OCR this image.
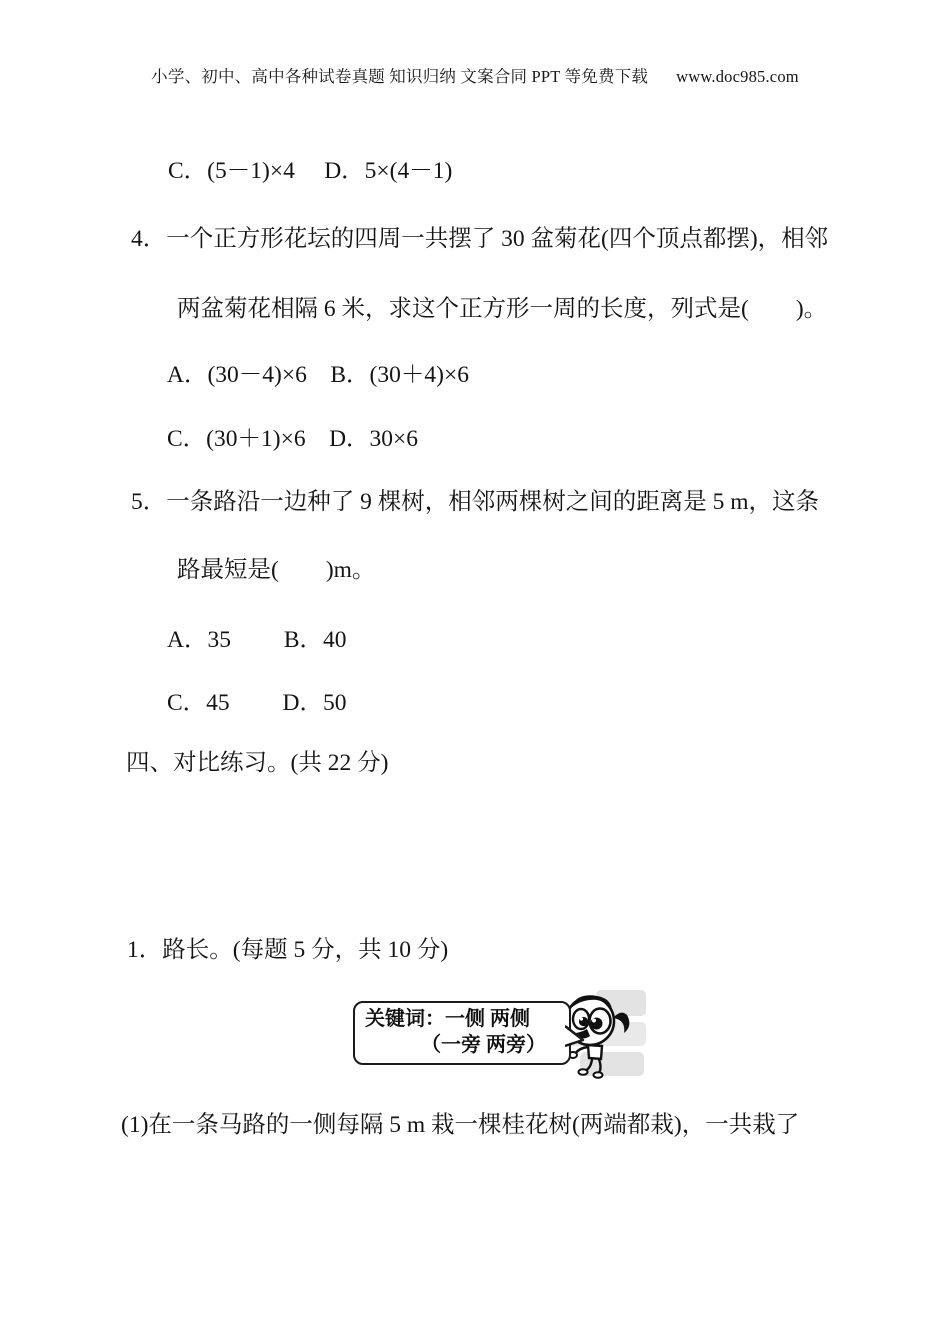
小学、初中、高中各种试卷真题 知识归纳 文案合同 PPT 等免费下载 www.doc985.com
C．(5－1)×4　 D．5×(4－1)
4．一个正方形花坛的四周一共摆了 30 盆菊花(四个顶点都摆)，相邻
两盆菊花相隔 6 米，求这个正方形一周的长度，列式是(　　)。
A．(30－4)×6　B．(30＋4)×6
C．(30＋1)×6　D．30×6
5．一条路沿一边种了 9 棵树，相邻两棵树之间的距离是 5 m，这条
路最短是(　　)m。
A．35　　 B．40
C．45　　 D．50
四、对比练习。(共 22 分)
1．路长。(每题 5 分，共 10 分)
(1)在一条马路的一侧每隔 5 m 栽一棵桂花树(两端都栽)，一共栽了
关键词：一侧 两侧
（一旁 两旁）
